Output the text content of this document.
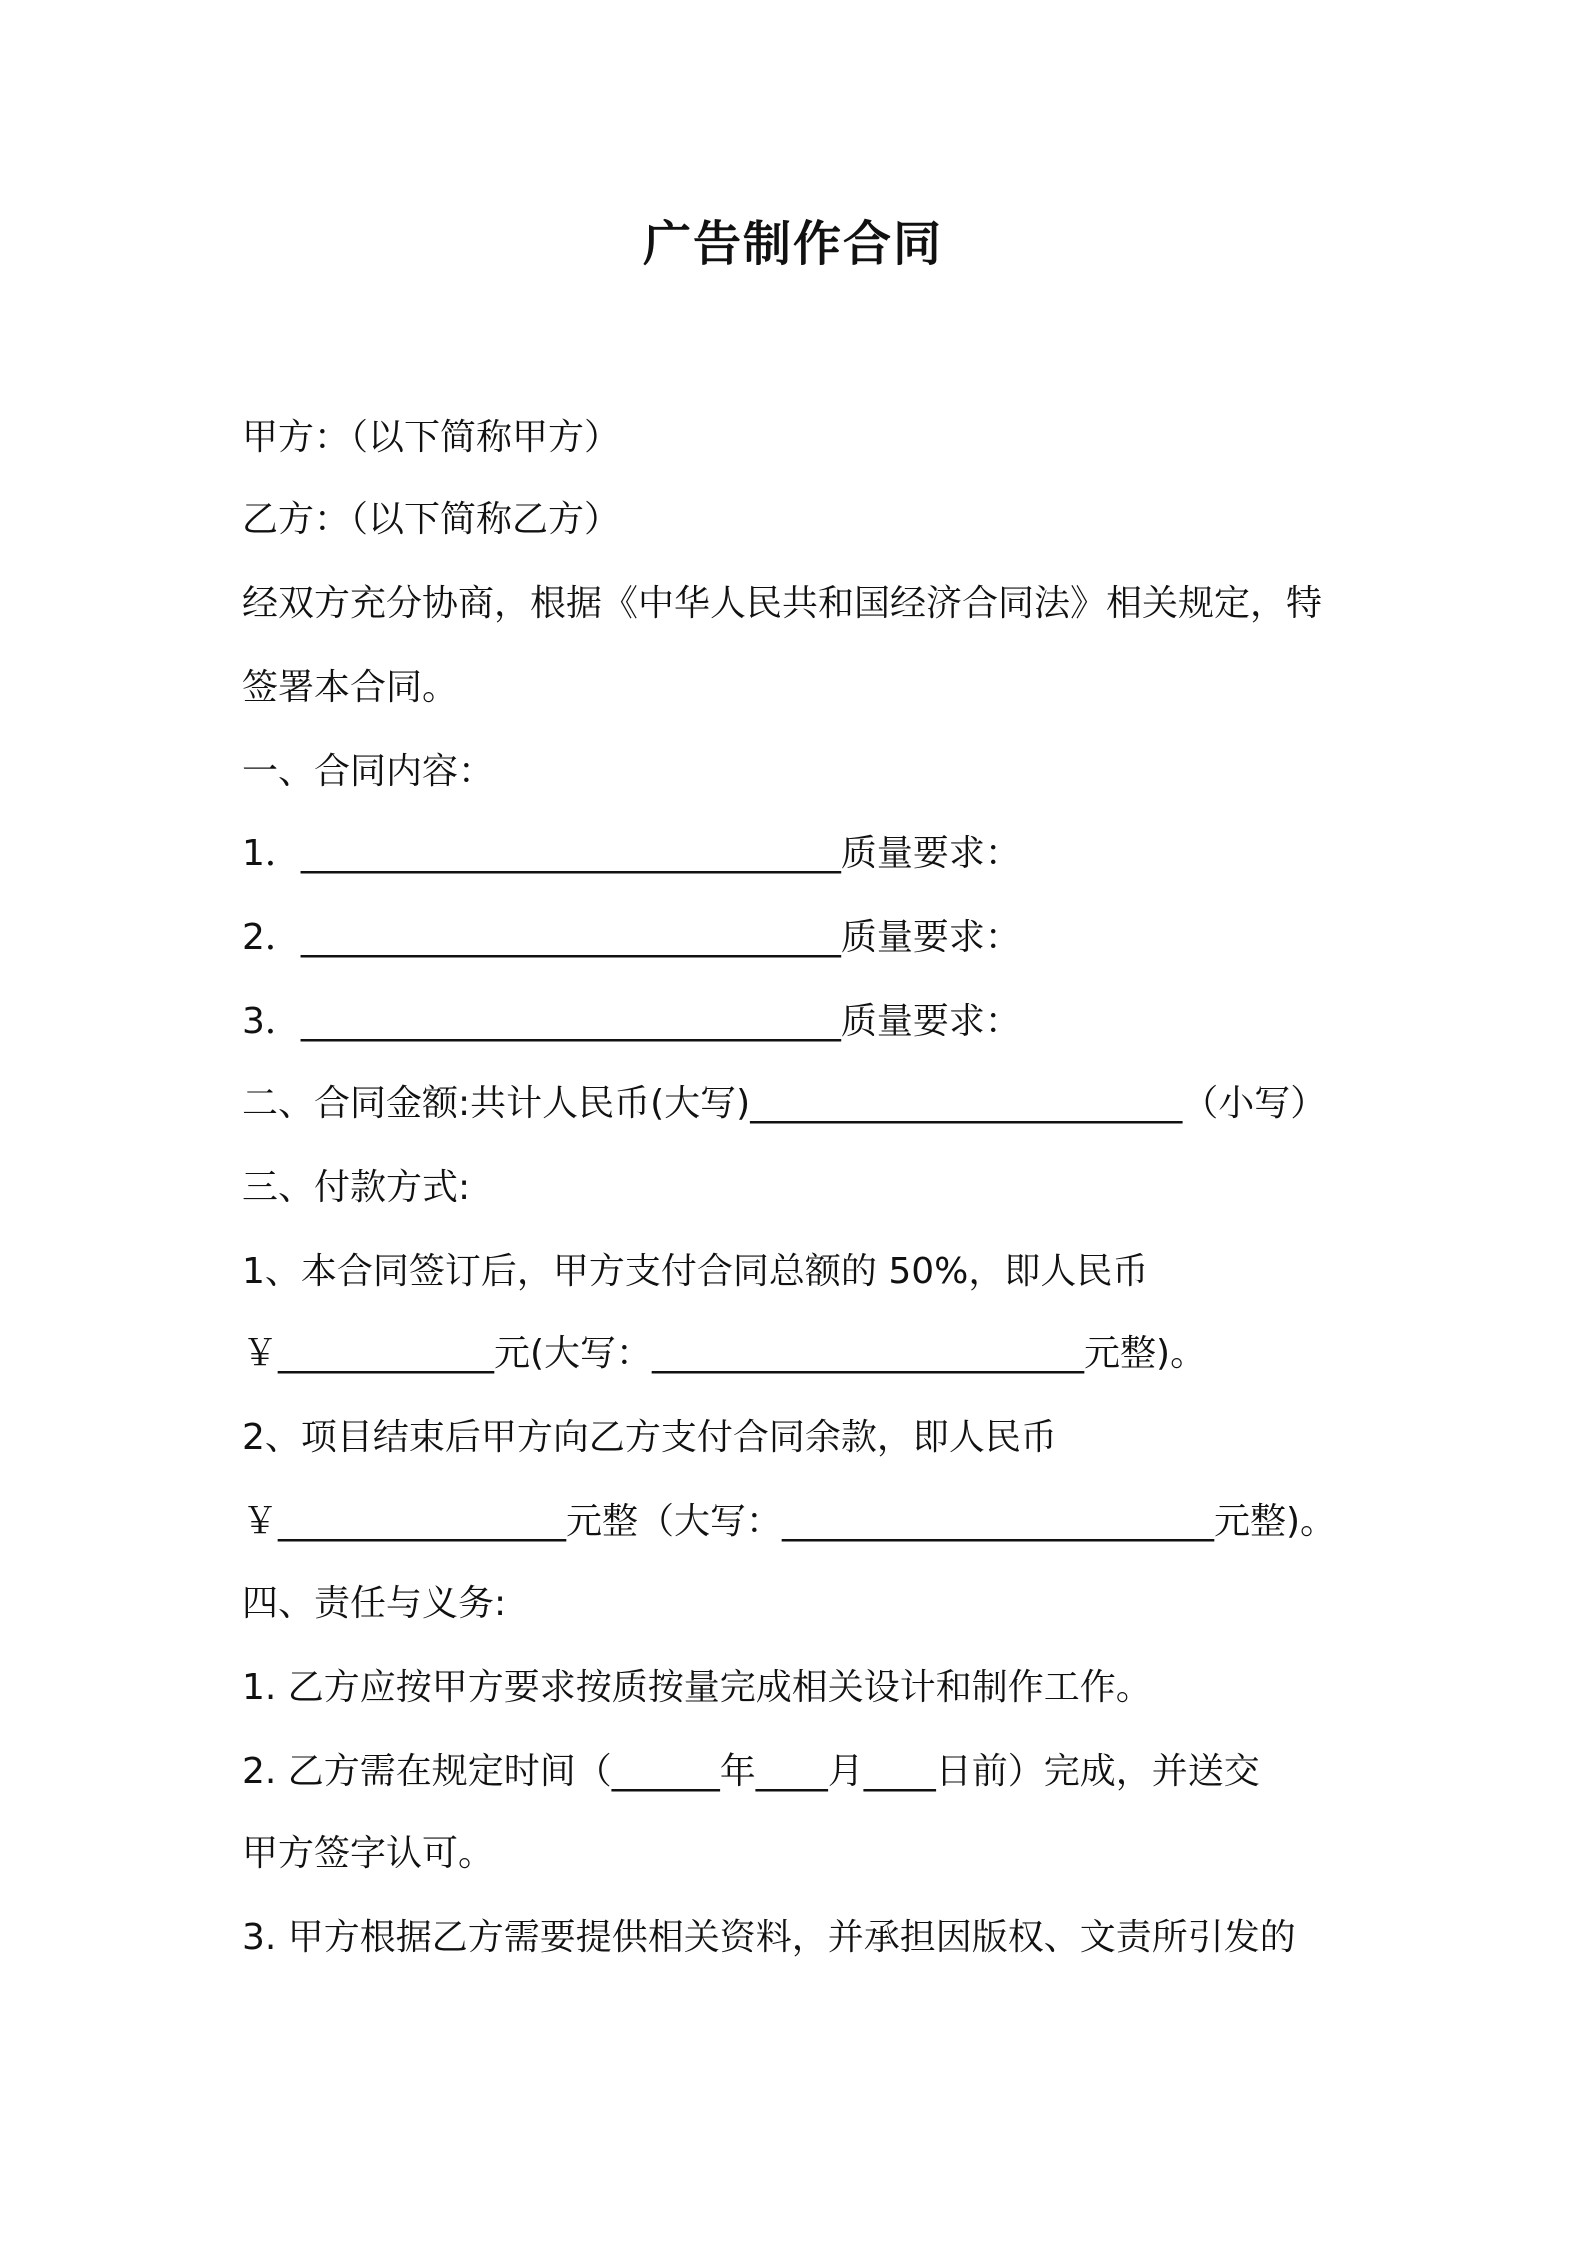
广告制作合同
甲方：（以下简称甲方）
乙方：（以下简称乙方）
经双方充分协商，根据《中华人民共和国经济合同法》相关规定，特
签署本合同。
一、合同内容：
1．______________________________质量要求：
2．______________________________质量要求：
3．______________________________质量要求：
二、合同金额:共计人民币(大写)________________________（小写）
三、付款方式:
1、本合同签订后，甲方支付合同总额的 50%，即人民币
￥____________元(大写：________________________元整)。
2、项目结束后甲方向乙方支付合同余款，即人民币
￥________________元整（大写：________________________元整)。
四、责任与义务:
1. 乙方应按甲方要求按质按量完成相关设计和制作工作。
2. 乙方需在规定时间（______年____月____日前）完成，并送交
甲方签字认可。
3. 甲方根据乙方需要提供相关资料，并承担因版权、文责所引发的
